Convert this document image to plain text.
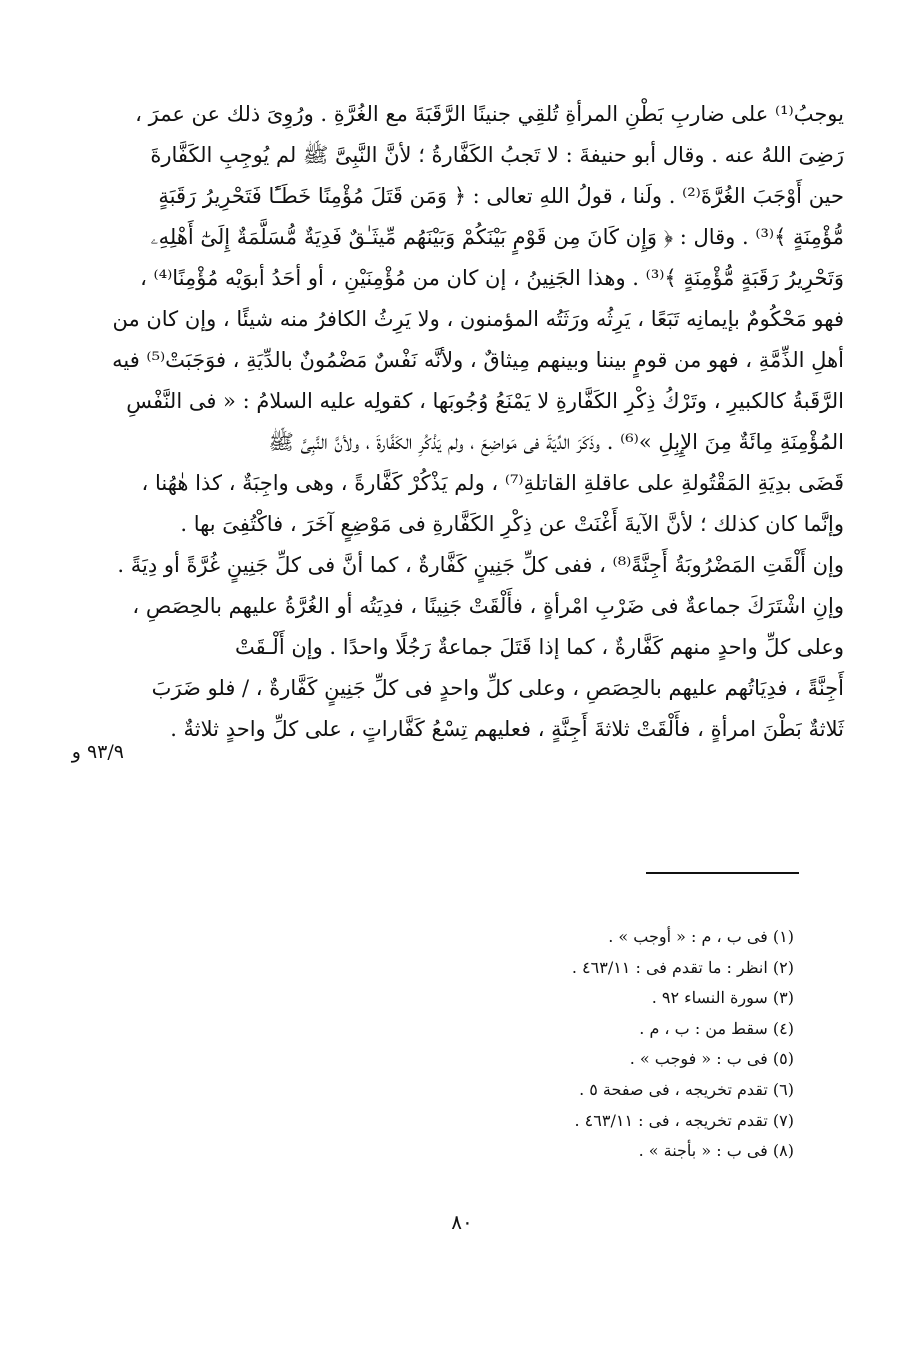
يوجبُ⁽¹⁾ على ضاربِ بَطْنِ المرأةِ تُلقِي جنينًا الرَّقَبَةَ مع الغُرَّةِ . ورُوِىَ ذلك عن عمرَ ،
رَضِىَ اللهُ عنه . وقال أبو حنيفةَ : لا تَجبُ الكَفَّارةُ ؛ لأنَّ النَّبِىَّ ﷺ لم يُوجِبِ الكَفَّارةَ
حين أَوْجَبَ الغُرَّةَ⁽²⁾ . ولَنا ، قولُ اللهِ تعالى : ﴿ وَمَن قَتَلَ مُؤْمِنًا خَطَـًٔا فَتَحْرِيرُ رَقَبَةٍ
مُّؤْمِنَةٍ ﴾⁽³⁾ . وقال : ﴿ وَإِن كَانَ مِن قَوْمٍ بَيْنَكُمْ وَبَيْنَهُم مِّيثَـٰقٌ فَدِيَةٌ مُّسَلَّمَةٌ إِلَىٰٓ أَهْلِهِۦ
وَتَحْرِيرُ رَقَبَةٍ مُّؤْمِنَةٍ ﴾⁽³⁾ . وهذا الجَنِينُ ، إن كان من مُؤْمِنَيْنِ ، أو أحَدُ أبوَيْه مُؤْمِنًا⁽⁴⁾ ،
فهو مَحْكُومٌ بإيمانِه تَبَعًا ، يَرِثُه ورَثَتُه المؤمنون ، ولا يَرِثُ الكافرُ منه شيئًا ، وإن كان من
أهلِ الذِّمَّةِ ، فهو من قومٍ بيننا وبينهم مِيثاقٌ ، ولأنَّه نَفْسٌ مَضْمُونٌ بالدِّيَةِ ، فوَجَبَتْ⁽⁵⁾ فيه
الرَّقَبةُ كالكبيرِ ، وتَرْكُ ذِكْرِ الكَفَّارةِ لا يَمْنَعُ وُجُوبَها ، كقولِه عليه السلامُ : « فى النَّفْسِ
المُؤْمِنَةِ مِائَةٌ مِنَ الإِبِلِ »⁽⁶⁾ . وذَكَرَ الدِّيَةَ فى مَواضِعَ ، ولم يَذْكُرِ الكَفَّارةَ ، ولأنَّ النَّبِىَّ ﷺ
قَضَى بدِيَةِ المَقْتُولةِ على عاقلةِ القاتلةِ⁽⁷⁾ ، ولم يَذْكُرْ كَفَّارةً ، وهى واجِبَةٌ ، كذا هٰهُنا ،
وإنَّما كان كذلك ؛ لأنَّ الآيةَ أَغْنَتْ عن ذِكْرِ الكَفَّارةِ فى مَوْضِعٍ آخَرَ ، فاكْتُفِىَ بها .
وإن أَلْقَتِ المَضْرُوبَةُ أَجِنَّةً⁽⁸⁾ ، ففى كلِّ جَنِينٍ كَفَّارةٌ ، كما أنَّ فى كلِّ جَنِينٍ غُرَّةً أو دِيَةً .
وإنِ اشْتَرَكَ جماعةٌ فى ضَرْبِ امْرأةٍ ، فأَلْقَتْ جَنِينًا ، فدِيَتُه أو الغُرَّةُ عليهم بالحِصَصِ ،
وعلى كلِّ واحدٍ منهم كَفَّارةٌ ، كما إذا قَتَلَ جماعةٌ رَجُلًا واحدًا . وإن أَلْـقَتْ
أَجِنَّةً ، فدِيَاتُهم عليهم بالحِصَصِ ، وعلى كلِّ واحدٍ فى كلِّ جَنِينٍ كَفَّارةٌ ، / فلو ضَرَبَ
ثَلاثةٌ بَطْنَ امرأةٍ ، فأَلْقَتْ ثلاثةَ أَجِنَّةٍ ، فعليهم تِسْعُ كَفَّاراتٍ ، على كلِّ واحدٍ ثلاثةٌ .
٩٣/٩ و
(١) فى ب ، م : « أوجب » .
(٢) انظر : ما تقدم فى : ٤٦٣/١١ .
(٣) سورة النساء ٩٢ .
(٤) سقط من : ب ، م .
(٥) فى ب : « فوجب » .
(٦) تقدم تخريجه ، فى صفحة ٥ .
(٧) تقدم تخريجه ، فى : ٤٦٣/١١ .
(٨) فى ب : « بأجنة » .
٨٠
